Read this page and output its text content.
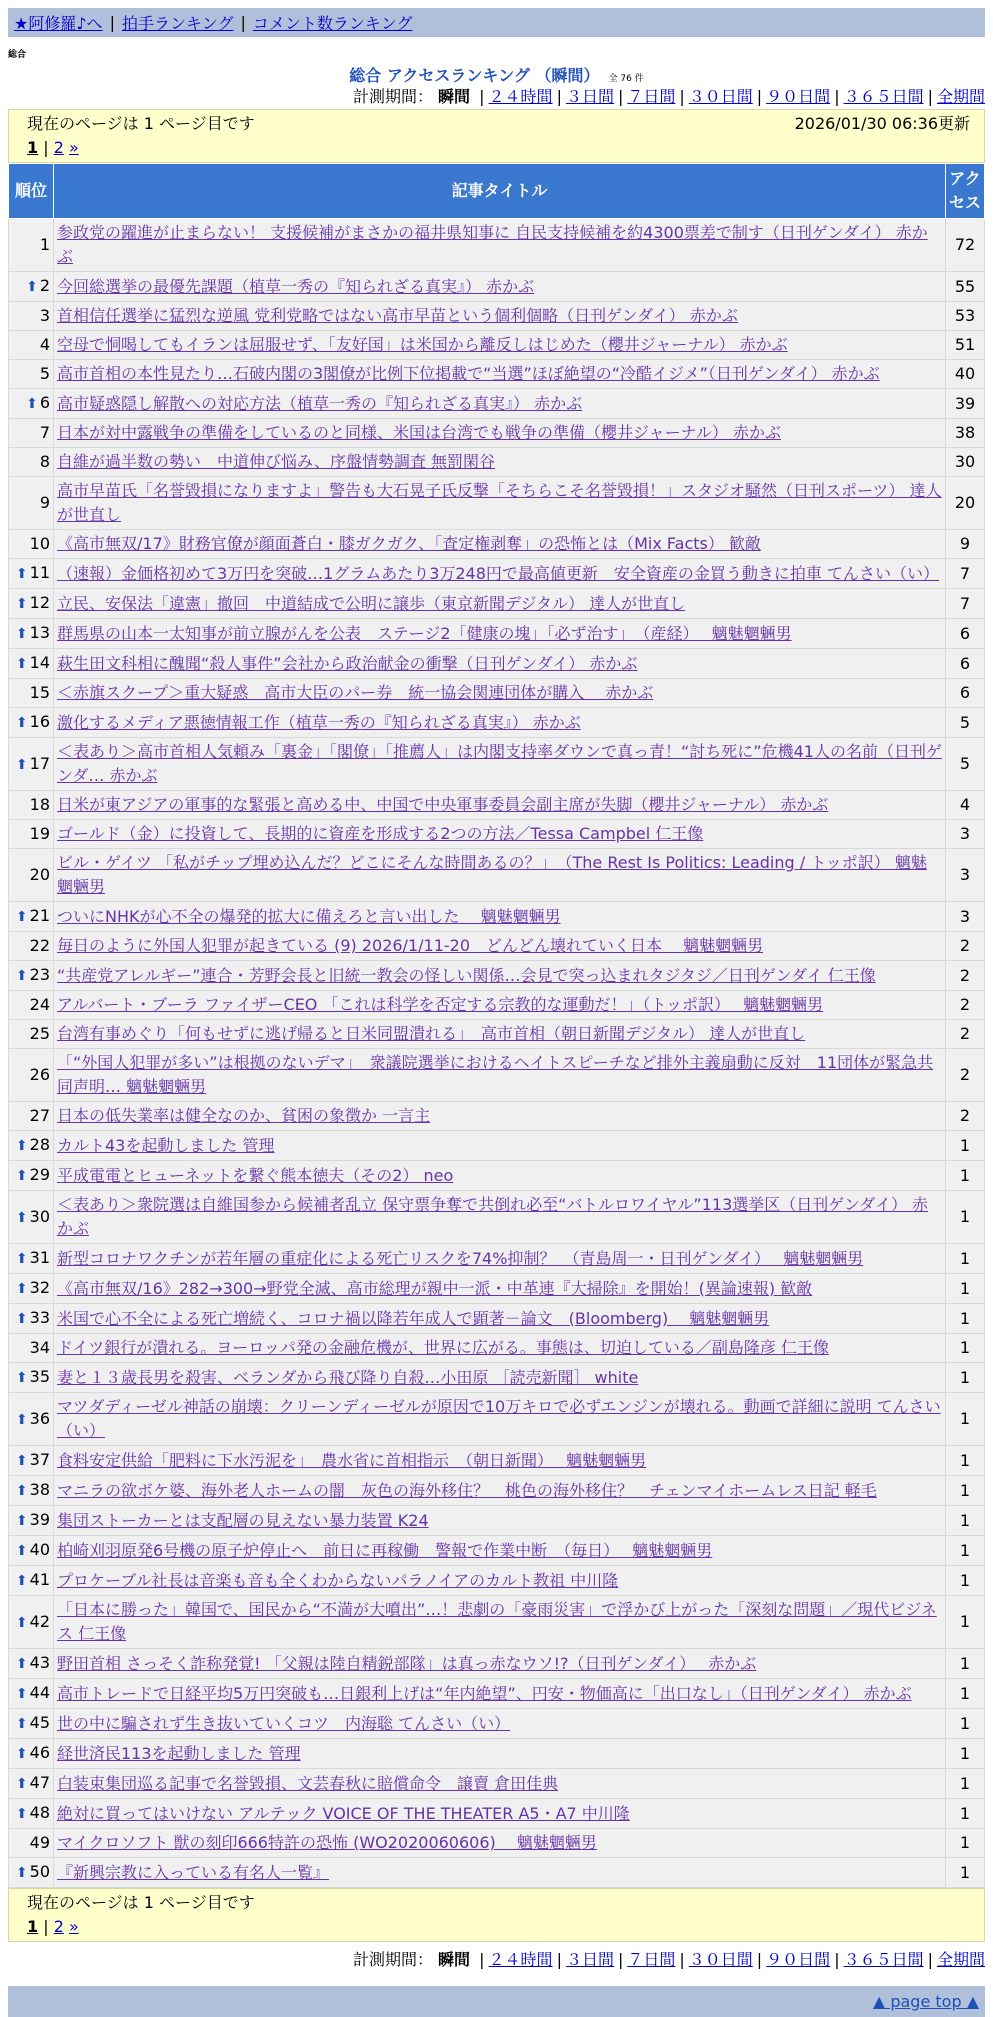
★阿修羅♪へ | 拍手ランキング | コメント数ランキング
総合
総合 アクセスランキング （瞬間） 全 76 件
計測期間： 瞬間 | ２４時間 | ３日間 | ７日間 | ３０日間 | ９０日間 | ３６５日間 | 全期間
現在のページは 1 ページ目です	2026/01/30 06:36更新
1 | 2 »
順位	記事タイトル	アクセス
1	参政党の躍進が止まらない！ 支援候補がまさかの福井県知事に 自民支持候補を約4300票差で制す（日刊ゲンダイ） 赤かぶ	72
⬆ 2	今回総選挙の最優先課題（植草一秀の『知られざる真実』） 赤かぶ	55
3	首相信任選挙に猛烈な逆風 党利党略ではない高市早苗という個利個略（日刊ゲンダイ） 赤かぶ	53
4	空母で恫喝してもイランは屈服せず、「友好国」は米国から離反しはじめた（櫻井ジャーナル） 赤かぶ	51
5	高市首相の本性見たり…石破内閣の3閣僚が比例下位掲載で“当選”ほぼ絶望の“冷酷イジメ”（日刊ゲンダイ） 赤かぶ	40
⬆ 6	高市疑惑隠し解散への対応方法（植草一秀の『知られざる真実』） 赤かぶ	39
7	日本が対中露戦争の準備をしているのと同様、米国は台湾でも戦争の準備（櫻井ジャーナル） 赤かぶ	38
8	自維が過半数の勢い　中道伸び悩み、序盤情勢調査 無罰閑谷	30
9	高市早苗氏「名誉毀損になりますよ」警告も大石晃子氏反撃「そちらこそ名誉毀損！」スタジオ騒然（日刊スポーツ） 達人が世直し	20
10	《高市無双/17》財務官僚が顔面蒼白・膝ガクガク、「査定権剥奪」の恐怖とは（Mix Facts） 歓敵	9
⬆ 11	（速報）金価格初めて3万円を突破…1グラムあたり3万248円で最高値更新　安全資産の金買う動きに拍車 てんさい（い）	7
⬆ 12	立民、安保法「違憲」撤回　中道結成で公明に譲歩（東京新聞デジタル） 達人が世直し	7
⬆ 13	群馬県の山本一太知事が前立腺がんを公表　ステージ2「健康の塊」「必ず治す」　（産経）　 魑魅魍魎男	6
⬆ 14	萩生田文科相に醜聞“殺人事件”会社から政治献金の衝撃（日刊ゲンダイ） 赤かぶ	6
15	＜赤旗スクープ＞重大疑惑　高市大臣のパー券　統一協会関連団体が購入　 赤かぶ	6
⬆ 16	激化するメディア悪徳情報工作（植草一秀の『知られざる真実』） 赤かぶ	5
⬆ 17	＜表あり＞高市首相人気頼み「裏金」「閣僚」「推薦人」は内閣支持率ダウンで真っ青！“討ち死に”危機41人の名前（日刊ゲンダ… 赤かぶ	5
18	日米が東アジアの軍事的な緊張と高める中、中国で中央軍事委員会副主席が失脚（櫻井ジャーナル） 赤かぶ	4
19	ゴールド（金）に投資して、長期的に資産を形成する2つの方法／Tessa Campbel 仁王像	3
20	ビル・ゲイツ 「私がチップ埋め込んだ？どこにそんな時間あるの？」　（The Rest Is Politics: Leading / トッポ訳） 魑魅魍魎男	3
⬆ 21	ついにNHKが心不全の爆発的拡大に備えろと言い出した　 魑魅魍魎男	3
22	毎日のように外国人犯罪が起きている (9) 2026/1/11-20　どんどん壊れていく日本　 魑魅魍魎男	2
⬆ 23	“共産党アレルギー”連合・芳野会長と旧統一教会の怪しい関係…会見で突っ込まれタジタジ／日刊ゲンダイ 仁王像	2
24	アルバート・ブーラ ファイザーCEO 「これは科学を否定する宗教的な運動だ！」（トッポ訳）　 魑魅魍魎男	2
25	台湾有事めぐり「何もせずに逃げ帰ると日米同盟潰れる」　高市首相（朝日新聞デジタル） 達人が世直し	2
26	「“外国人犯罪が多い”は根拠のないデマ」　衆議院選挙におけるヘイトスピーチなど排外主義扇動に反対　11団体が緊急共同声明… 魑魅魍魎男	2
27	日本の低失業率は健全なのか、貧困の象徴か 一言主	2
⬆ 28	カルト43を起動しました 管理	1
⬆ 29	平成電電とヒューネットを繋ぐ熊本徳夫（その2） neo	1
⬆ 30	＜表あり＞衆院選は自維国参から候補者乱立 保守票争奪で共倒れ必至“バトルロワイヤル”113選挙区（日刊ゲンダイ） 赤かぶ	1
⬆ 31	新型コロナワクチンが若年層の重症化による死亡リスクを74%抑制？　（青島周一・日刊ゲンダイ）　 魑魅魍魎男	1
⬆ 32	《高市無双/16》282→300→野党全滅、高市総理が親中一派・中革連『大掃除』を開始！(異論速報) 歓敵	1
⬆ 33	米国で心不全による死亡増続く、コロナ禍以降若年成人で顕著－論文　(Bloomberg)　 魑魅魍魎男	1
34	ドイツ銀行が潰れる。ヨーロッパ発の金融危機が、世界に広がる。事態は、切迫している／副島隆彦 仁王像	1
⬆ 35	妻と１３歳長男を殺害、ベランダから飛び降り自殺…小田原 ［読売新聞］ white	1
⬆ 36	マツダディーゼル神話の崩壊：クリーンディーゼルが原因で10万キロで必ずエンジンが壊れる。動画で詳細に説明 てんさい（い）	1
⬆ 37	食料安定供給「肥料に下水汚泥を」　農水省に首相指示　（朝日新聞）　 魑魅魍魎男	1
⬆ 38	マニラの欲ボケ婆、海外老人ホームの闇　灰色の海外移住？　桃色の海外移住？　チェンマイホームレス日記 軽毛	1
⬆ 39	集団ストーカーとは支配層の見えない暴力装置 K24	1
⬆ 40	柏崎刈羽原発6号機の原子炉停止へ　前日に再稼働　警報で作業中断　（毎日）　 魑魅魍魎男	1
⬆ 41	プロケーブル社長は音楽も音も全くわからないパラノイアのカルト教祖 中川隆	1
⬆ 42	「日本に勝った」韓国で、国民から“不満が大噴出”…！悲劇の「豪雨災害」で浮かび上がった「深刻な問題」／現代ビジネス 仁王像	1
⬆ 43	野田首相 さっそく詐称発覚! 「父親は陸自精鋭部隊」は真っ赤なウソ!?（日刊ゲンダイ）　 赤かぶ	1
⬆ 44	高市トレードで日経平均5万円突破も…日銀利上げは“年内絶望”、円安・物価高に「出口なし」（日刊ゲンダイ） 赤かぶ	1
⬆ 45	世の中に騙されず生き抜いていくコツ　内海聡 てんさい（い）	1
⬆ 46	経世済民113を起動しました 管理	1
⬆ 47	白装束集団巡る記事で名誉毀損、文芸春秋に賠償命令　譲賣 倉田佳典	1
⬆ 48	絶対に買ってはいけない アルテック VOICE OF THE THEATER A5・A7 中川隆	1
49	マイクロソフト 獣の刻印666特許の恐怖 (WO2020060606)　 魑魅魍魎男	1
⬆ 50	『新興宗教に入っている有名人一覧』	1
現在のページは 1 ページ目です
1 | 2 »
計測期間： 瞬間 | ２４時間 | ３日間 | ７日間 | ３０日間 | ９０日間 | ３６５日間 | 全期間
▲ page top ▲
